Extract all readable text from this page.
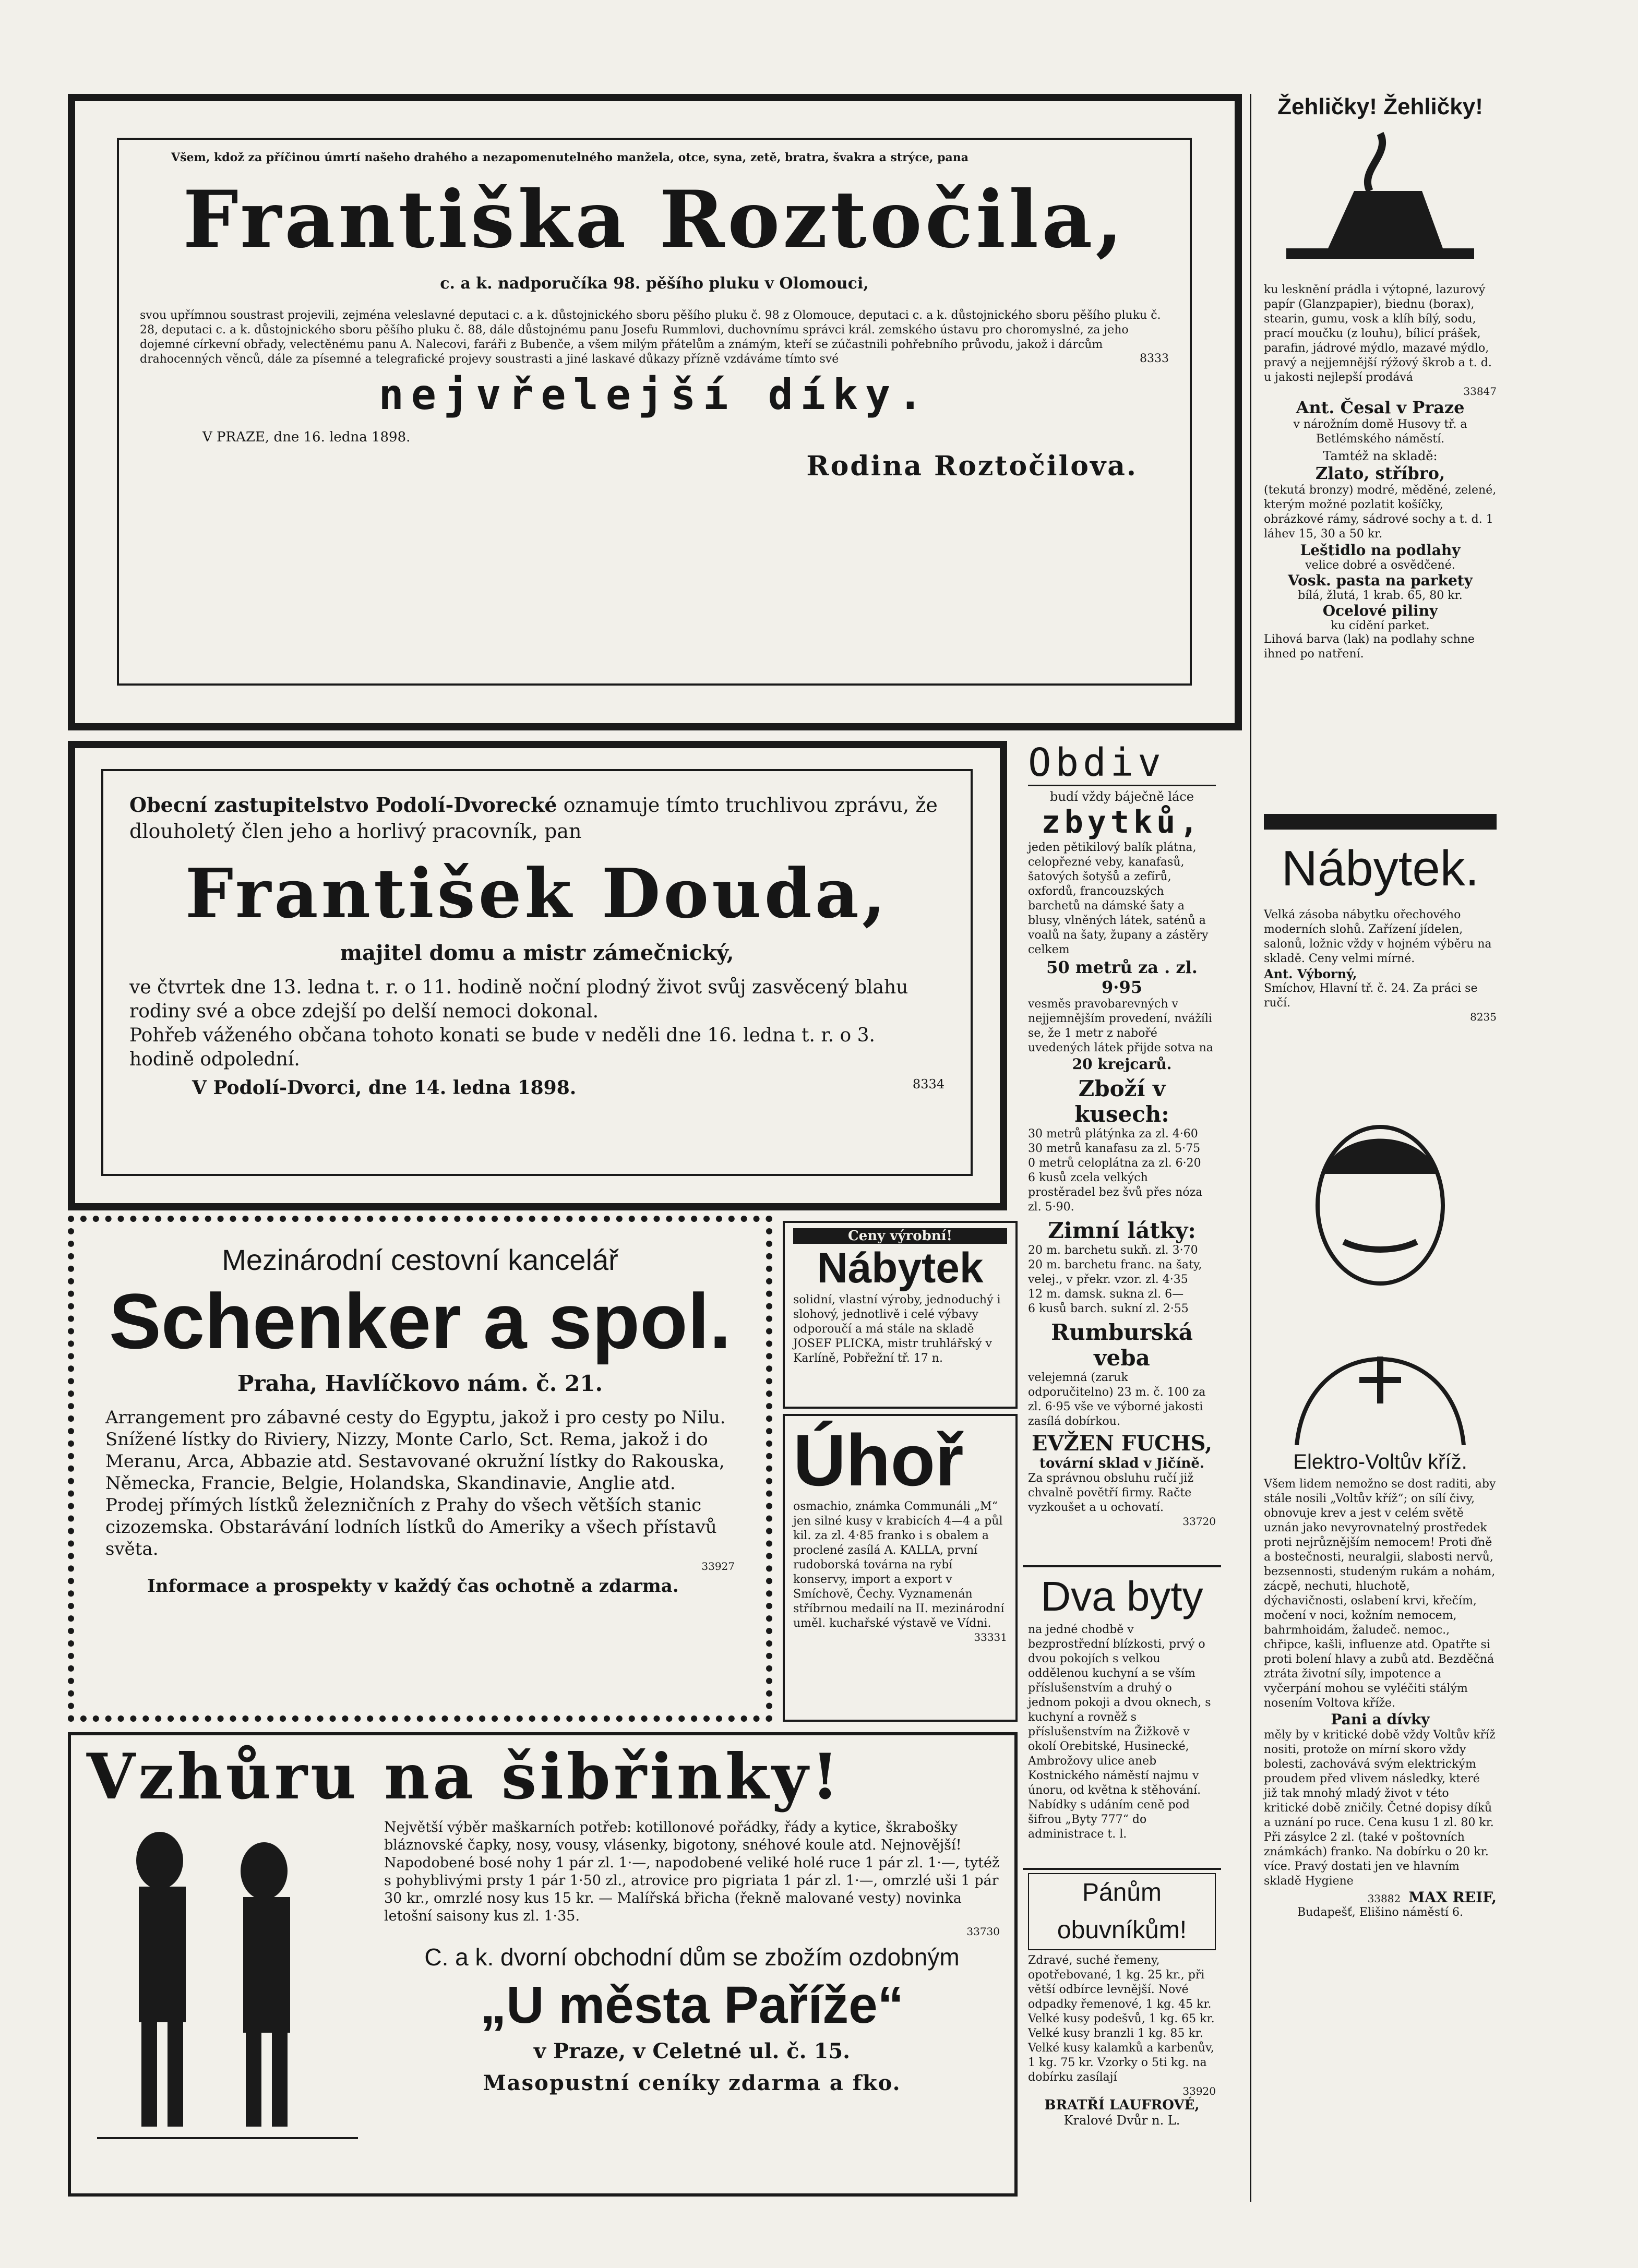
Všem, kdož za příčinou úmrtí našeho drahého a nezapomenutelného manžela, otce, syna, zetě, bratra, švakra a strýce, pana
Františka Roztočila,
c. a k. nadporučíka 98. pěšího pluku v Olomouci,
svou upřímnou soustrast projevili, zejména veleslavné deputaci c. a k. důstojnického sboru pěšího pluku č. 98 z Olomouce, deputaci c. a k. důstojnického sboru pěšího pluku č. 28, deputaci c. a k. důstojnického sboru pěšího pluku č. 88, dále důstojnému panu Josefu Rummlovi, duchovnímu správci král. zemského ústavu pro choromyslné, za jeho dojemné církevní obřady, velectěnému panu A. Nalecovi, faráři z Bubenče, a všem milým přátelům a známým, kteří se zúčastnili pohřebního průvodu, jakož i dárcům drahocenných věnců, dále za písemné a telegrafické projevy soustrasti a jiné laskavé důkazy přízně vzdáváme tímto své	8333
nejvřelejší díky.
V PRAZE, dne 16. ledna 1898.
Rodina Roztočilova.
Obecní zastupitelstvo Podolí-Dvorecké oznamuje tímto truchlivou zprávu, že dlouholetý člen jeho a horlivý pracovník, pan
František Douda,
majitel domu a mistr zámečnický,
ve čtvrtek dne 13. ledna t. r. o 11. hodině noční plodný život svůj zasvěcený blahu rodiny své a obce zdejší po delší nemoci dokonal.
Pohřeb váženého občana tohoto konati se bude v neděli dne 16. ledna t. r. o 3. hodině odpolední.
V Podolí-Dvorci, dne 14. ledna 1898.	8334
Mezinárodní cestovní kancelář
Schenker a spol.
Praha, Havlíčkovo nám. č. 21.
Arrangement pro zábavné cesty do Egyptu, jakož i pro cesty po Nilu. Snížené lístky do Riviery, Nizzy, Monte Carlo, Sct. Rema, jakož i do Meranu, Arca, Abbazie atd. Sestavované okružní lístky do Rakouska, Německa, Francie, Belgie, Holandska, Skandinavie, Anglie atd. Prodej přímých lístků železničních z Prahy do všech větších stanic cizozemska. Obstarávání lodních lístků do Ameriky a všech přístavů světa.
33927
Informace a prospekty v každý čas ochotně a zdarma.
Ceny výrobní!
Nábytek
solidní, vlastní výroby, jednoduchý i slohový, jednotlivě i celé výbavy odporoučí a má stále na skladě JOSEF PLICKA, mistr truhlářský v Karlíně, Pobřežní tř. 17 n.
Úhoř
osmachio, známka Communáli „M“ jen silné kusy v krabicích 4—4 a půl kil. za zl. 4·85 franko i s obalem a proclené zasílá A. KALLA, první rudoborská továrna na rybí konservy, import a export v Smíchově, Čechy. Vyznamenán stříbrnou medailí na II. mezinárodní uměl. kuchařské výstavě ve Vídni.
33331
Vzhůru na šibřinky!
Největší výběr maškarních potřeb: kotillonové pořádky, řády a kytice, škrabošky bláznovské čapky, nosy, vousy, vlásenky, bigotony, snéhové koule atd. Nejnovější! Napodobené bosé nohy 1 pár zl. 1·—, napodobené veliké holé ruce 1 pár zl. 1·—, tytéž s pohyblivými prsty 1 pár 1·50 zl., atrovice pro pigriata 1 pár zl. 1·—, omrzlé uši 1 pár 30 kr., omrzlé nosy kus 15 kr. — Malířská břicha (řekně malované vesty) novinka letošní saisony kus zl. 1·35.
33730
C. a k. dvorní obchodní dům se zbožím ozdobným
„U města Paříže“
v Praze, v Celetné ul. č. 15.
Masopustní ceníky zdarma a fko.
Obdiv
budí vždy báječně láce
zbytků,
jeden pětikilový balík plátna, celopřezné veby, kanafasů, šatových šotyšů a zefírů, oxfordů, francouzských barchetů na dámské šaty a blusy, vlněných látek, saténů a voalů na šaty, župany a zástěry celkem
50 metrů za . zl. 9·95
vesměs pravobarevných v nejjemnějším provedení, nvážíli se, že 1 metr z nabořé uvedených látek přijde sotva na
20 krejcarů.
Zboží v kusech:
30 metrů plátýnka za zl. 4·60
30 metrů kanafasu za zl. 5·75
0 metrů celoplátna za zl. 6·20
6 kusů zcela velkých prostěradel bez švů přes nóza zl. 5·90.
Zimní látky:
20 m. barchetu sukň. zl. 3·70
20 m. barchetu franc. na šaty, velej., v překr. vzor. zl. 4·35
12 m. damsk. sukna zl. 6—
6 kusů barch. sukní zl. 2·55
Rumburská veba
velejemná (zaruk odporučitelno) 23 m. č. 100 za zl. 6·95 vše ve výborné jakosti zasílá dobírkou.
EVŽEN FUCHS,
tovární sklad v Jičíně.
Za správnou obsluhu ručí již chvalně povětří firmy. Račte vyzkoušet a u ochovatí.
33720
Dva byty
na jedné chodbě v bezprostřední blízkosti, prvý o dvou pokojích s velkou oddělenou kuchyní a se vším příslušenstvím a druhý o jednom pokoji a dvou oknech, s kuchyní a rovněž s příslušenstvím na Žižkově v okolí Orebitské, Husinecké, Ambrožovy ulice aneb Kostnického náměstí najmu v únoru, od května k stěhování. Nabídky s udáním ceně pod šifrou „Byty 777“ do administrace t. l.
Pánům obuvníkům!
Zdravé, suché řemeny, opotřebované, 1 kg. 25 kr., při větší odbírce levnější. Nové odpadky řemenové, 1 kg. 45 kr. Velké kusy podešvů, 1 kg. 65 kr. Velké kusy branzli 1 kg. 85 kr. Velké kusy kalamků a karbenův, 1 kg. 75 kr. Vzorky o 5ti kg. na dobírku zasílají
33920
BRATŘÍ LAUFROVÉ,
Kralové Dvůr n. L.
Žehličky! Žehličky!
ku lesknění prádla i výtopné, lazurový papír (Glanzpapier), biednu (borax), stearin, gumu, vosk a klíh bílý, sodu, prací moučku (z louhu), bílicí prášek, parafin, jádrové mýdlo, mazavé mýdlo, pravý a nejjemnější rýžový škrob a t. d. u jakosti nejlepší prodává
33847
Ant. Česal v Praze
v nárožním domě Husovy tř. a Betlémského náměstí.
Tamtéž na skladě:
Zlato, stříbro,
(tekutá bronzy) modré, měděné, zelené, kterým možné pozlatit košíčky, obrázkové rámy, sádrové sochy a t. d. 1 láhev 15, 30 a 50 kr.
Leštidlo na podlahy
velice dobré a osvědčené.
Vosk. pasta na parkety
bílá, žlutá, 1 krab. 65, 80 kr.
Ocelové piliny
ku cídění parket.
Lihová barva (lak) na podlahy schne ihned po natření.
Nábytek.
Velká zásoba nábytku ořechového moderních slohů. Zařízení jídelen, salonů, ložnic vždy v hojném výběru na skladě. Ceny velmi mírné.
Ant. Výborný,
Smíchov, Hlavní tř. č. 24. Za práci se ručí.
8235
Elektro-Voltův kříž.
Všem lidem nemožno se dost raditi, aby stále nosili „Voltův kříž“; on sílí čivy, obnovuje krev a jest v celém světě uznán jako nevyrovnatelný prostředek proti nejrůznějším nemocem! Proti ďně a bostečnosti, neuralgii, slabosti nervů, bezsennosti, studeným rukám a nohám, zácpě, nechuti, hluchotě, dýchavičnosti, oslabení krvi, křečím, močení v noci, kožním nemocem, bahrmhoidám, žaludeč. nemoc., chřipce, kašli, influenze atd. Opatřte si proti bolení hlavy a zubů atd. Bezděčná ztráta životní síly, impotence a vyčerpání mohou se vyléčiti stálým nosením Voltova kříže.
Pani a dívky
měly by v kritické době vždy Voltův kříž nositi, protože on mírní skoro vždy bolesti, zachovává svým elektrickým proudem před vlivem následky, které již tak mnohý mladý život v této kritické době zničily. Četné dopisy díků a uznání po ruce. Cena kusu 1 zl. 80 kr. Při zásylce 2 zl. (také v poštovních známkách) franko. Na dobírku o 20 kr. více. Pravý dostati jen ve hlavním skladě Hygiene
33882 MAX REIF,
Budapešť, Elišino náměstí 6.
